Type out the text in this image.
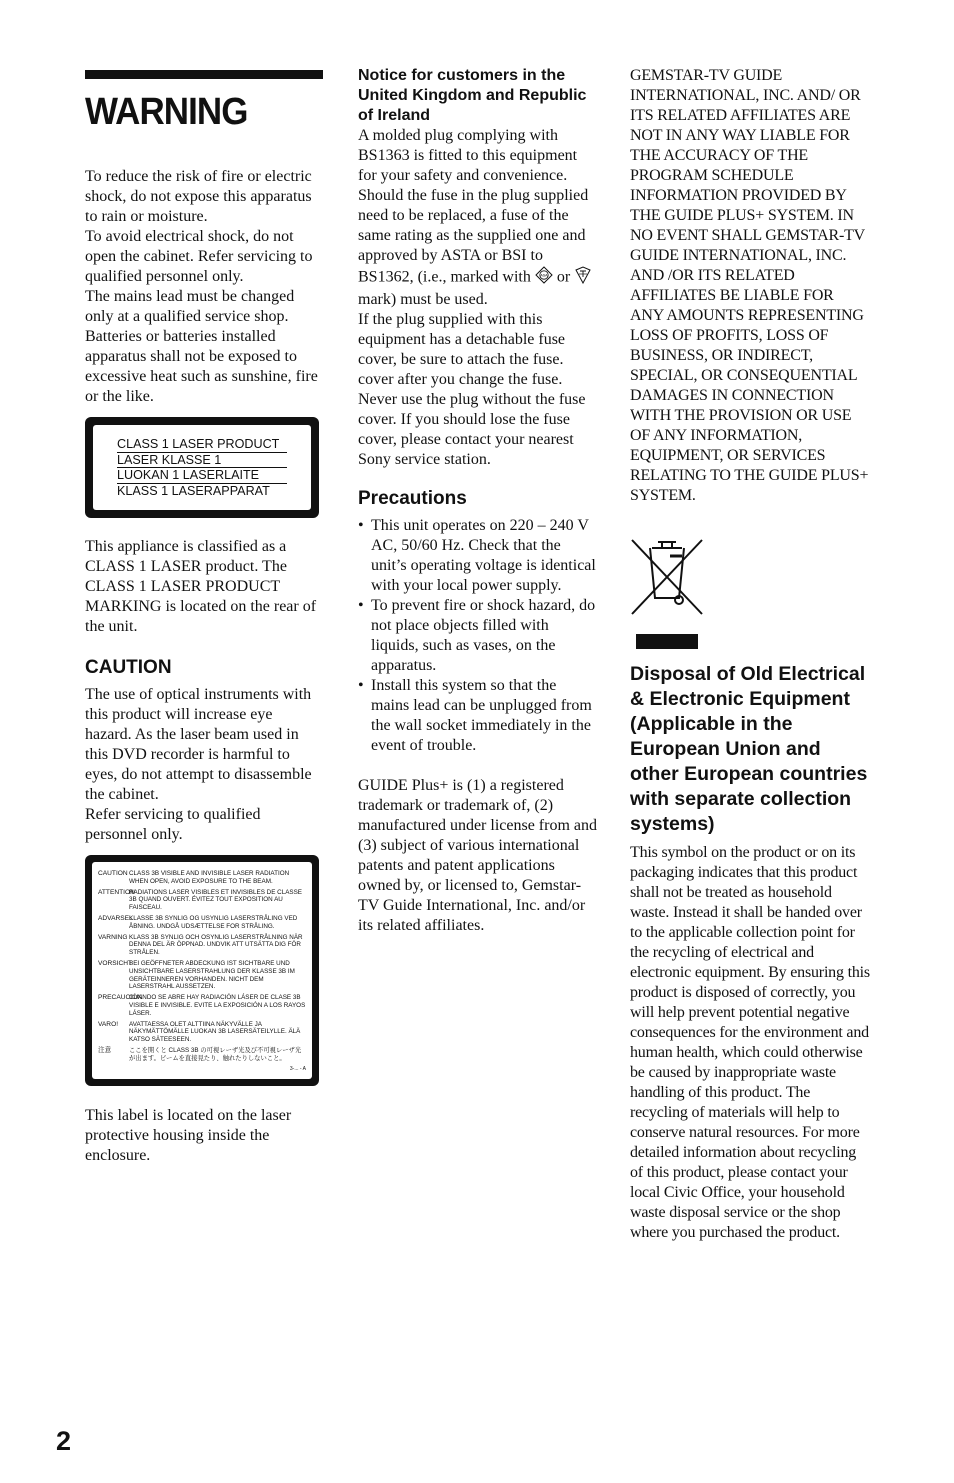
WARNING

To reduce the risk of fire or electric shock, do not expose this apparatus to rain or moisture.

To avoid electrical shock, do not open the cabinet. Refer servicing to qualified personnel only.

The mains lead must be changed only at a qualified service shop.

Batteries or batteries installed apparatus shall not be exposed to excessive heat such as sunshine, fire or the like.

CLASS 1 LASER PRODUCT
LASER KLASSE 1
LUOKAN 1 LASERLAITE
KLASS 1 LASERAPPARAT

This appliance is classified as a CLASS 1 LASER product. The CLASS 1 LASER PRODUCT MARKING is located on the rear of the unit.

CAUTION

The use of optical instruments with this product will increase eye hazard. As the laser beam used in this DVD recorder is harmful to eyes, do not attempt to disassemble the cabinet.

Refer servicing to qualified personnel only.

CAUTION CLASS 3B VISIBLE AND INVISIBLE LASER RADIATION WHEN OPEN, AVOID EXPOSURE TO THE BEAM.
ATTENTION
RADIATIONS LASER VISIBLES ET INVISIBLES DE CLASSE 3B QUAND OUVERT. ÉVITEZ TOUT EXPOSITION AU FAISCEAU.
ADVARSEL
KLASSE 3B SYNLIG OG USYNLIG LASERSTRÅLING VED ÅBNING. UNDGÅ UDSÆTTELSE FOR STRÅLING.
VARNING KLASS 3B SYNLIG OCH OSYNLIG LASERSTRÅLNING NÄR DENNA DEL ÄR ÖPPNAD. UNDVIK ATT UTSÄTTA DIG FÖR STRÅLEN.
VORSICHT
BEI GEÖFFNETER ABDECKUNG IST SICHTBARE UND UNSICHTBARE LASERSTRAHLUNG DER KLASSE 3B IM GERÄTEINNEREN VORHANDEN. NICHT DEM LASERSTRAHL AUSSETZEN.
PRECAUCIÓN
CUANDO SE ABRE HAY RADIACIÓN LÁSER DE CLASE 3B VISIBLE E INVISIBLE. EVITE LA EXPOSICIÓN A LOS RAYOS LÁSER.
VARO!	AVATTAESSA OLET ALTTIINA NÄKYVÄLLE JA NÄKYMÄTTÖMÄLLE LUOKAN 3B LASERSÄTEILYLLE. ÄLÄ KATSO SÄTEESEEN.
注意	ここを開くと CLASS 3B の可視レーザ光及び不可視レーザ光が出ます。ビームを直接見たり、触れたりしないこと。
3-... - A

This label is located on the laser protective housing inside the enclosure.

Notice for customers in the United Kingdom and Republic of Ireland

A molded plug complying with BS1363 is fitted to this equipment for your safety and convenience. Should the fuse in the plug supplied need to be replaced, a fuse of the same rating as the supplied one and approved by ASTA or BSI to BS1362, (i.e., marked with	ASA or  mark) must be used.

If the plug supplied with this equipment has a detachable fuse cover, be sure to attach the fuse. cover after you change the fuse. Never use the plug without the fuse cover. If you should lose the fuse cover, please contact your nearest Sony service station.

Precautions
• This unit operates on 220 – 240 V AC, 50/60 Hz. Check that the unit’s operating voltage is identical with your local power supply.
• To prevent fire or shock hazard, do not place objects filled with liquids, such as vases, on the apparatus.
• Install this system so that the mains lead can be unplugged from the wall socket immediately in the event of trouble.

GUIDE Plus+ is (1) a registered trademark or trademark of, (2) manufactured under license from and (3) subject of various international patents and patent applications owned by, or licensed to, Gemstar-TV Guide International, Inc. and/or its related affiliates.

GEMSTAR-TV GUIDE INTERNATIONAL, INC. AND/ OR ITS RELATED AFFILIATES ARE NOT IN ANY WAY LIABLE FOR THE ACCURACY OF THE PROGRAM SCHEDULE INFORMATION PROVIDED BY THE GUIDE PLUS+ SYSTEM. IN NO EVENT SHALL GEMSTAR-TV GUIDE INTERNATIONAL, INC. AND /OR ITS RELATED AFFILIATES BE LIABLE FOR ANY AMOUNTS REPRESENTING LOSS OF PROFITS, LOSS OF BUSINESS, OR INDIRECT, SPECIAL, OR CONSEQUENTIAL DAMAGES IN CONNECTION WITH THE PROVISION OR USE OF ANY INFORMATION, EQUIPMENT, OR SERVICES RELATING TO THE GUIDE PLUS+ SYSTEM.

Disposal of Old Electrical & Electronic Equipment (Applicable in the European Union and other European countries with separate collection systems)

This symbol on the product or on its packaging indicates that this product shall not be treated as household waste. Instead it shall be handed over to the applicable collection point for the recycling of electrical and electronic equipment. By ensuring this product is disposed of correctly, you will help prevent potential negative consequences for the environment and human health, which could otherwise be caused by inappropriate waste handling of this product. The recycling of materials will help to conserve natural resources. For more detailed information about recycling of this product, please contact your local Civic Office, your household waste disposal service or the shop where you purchased the product.

2
